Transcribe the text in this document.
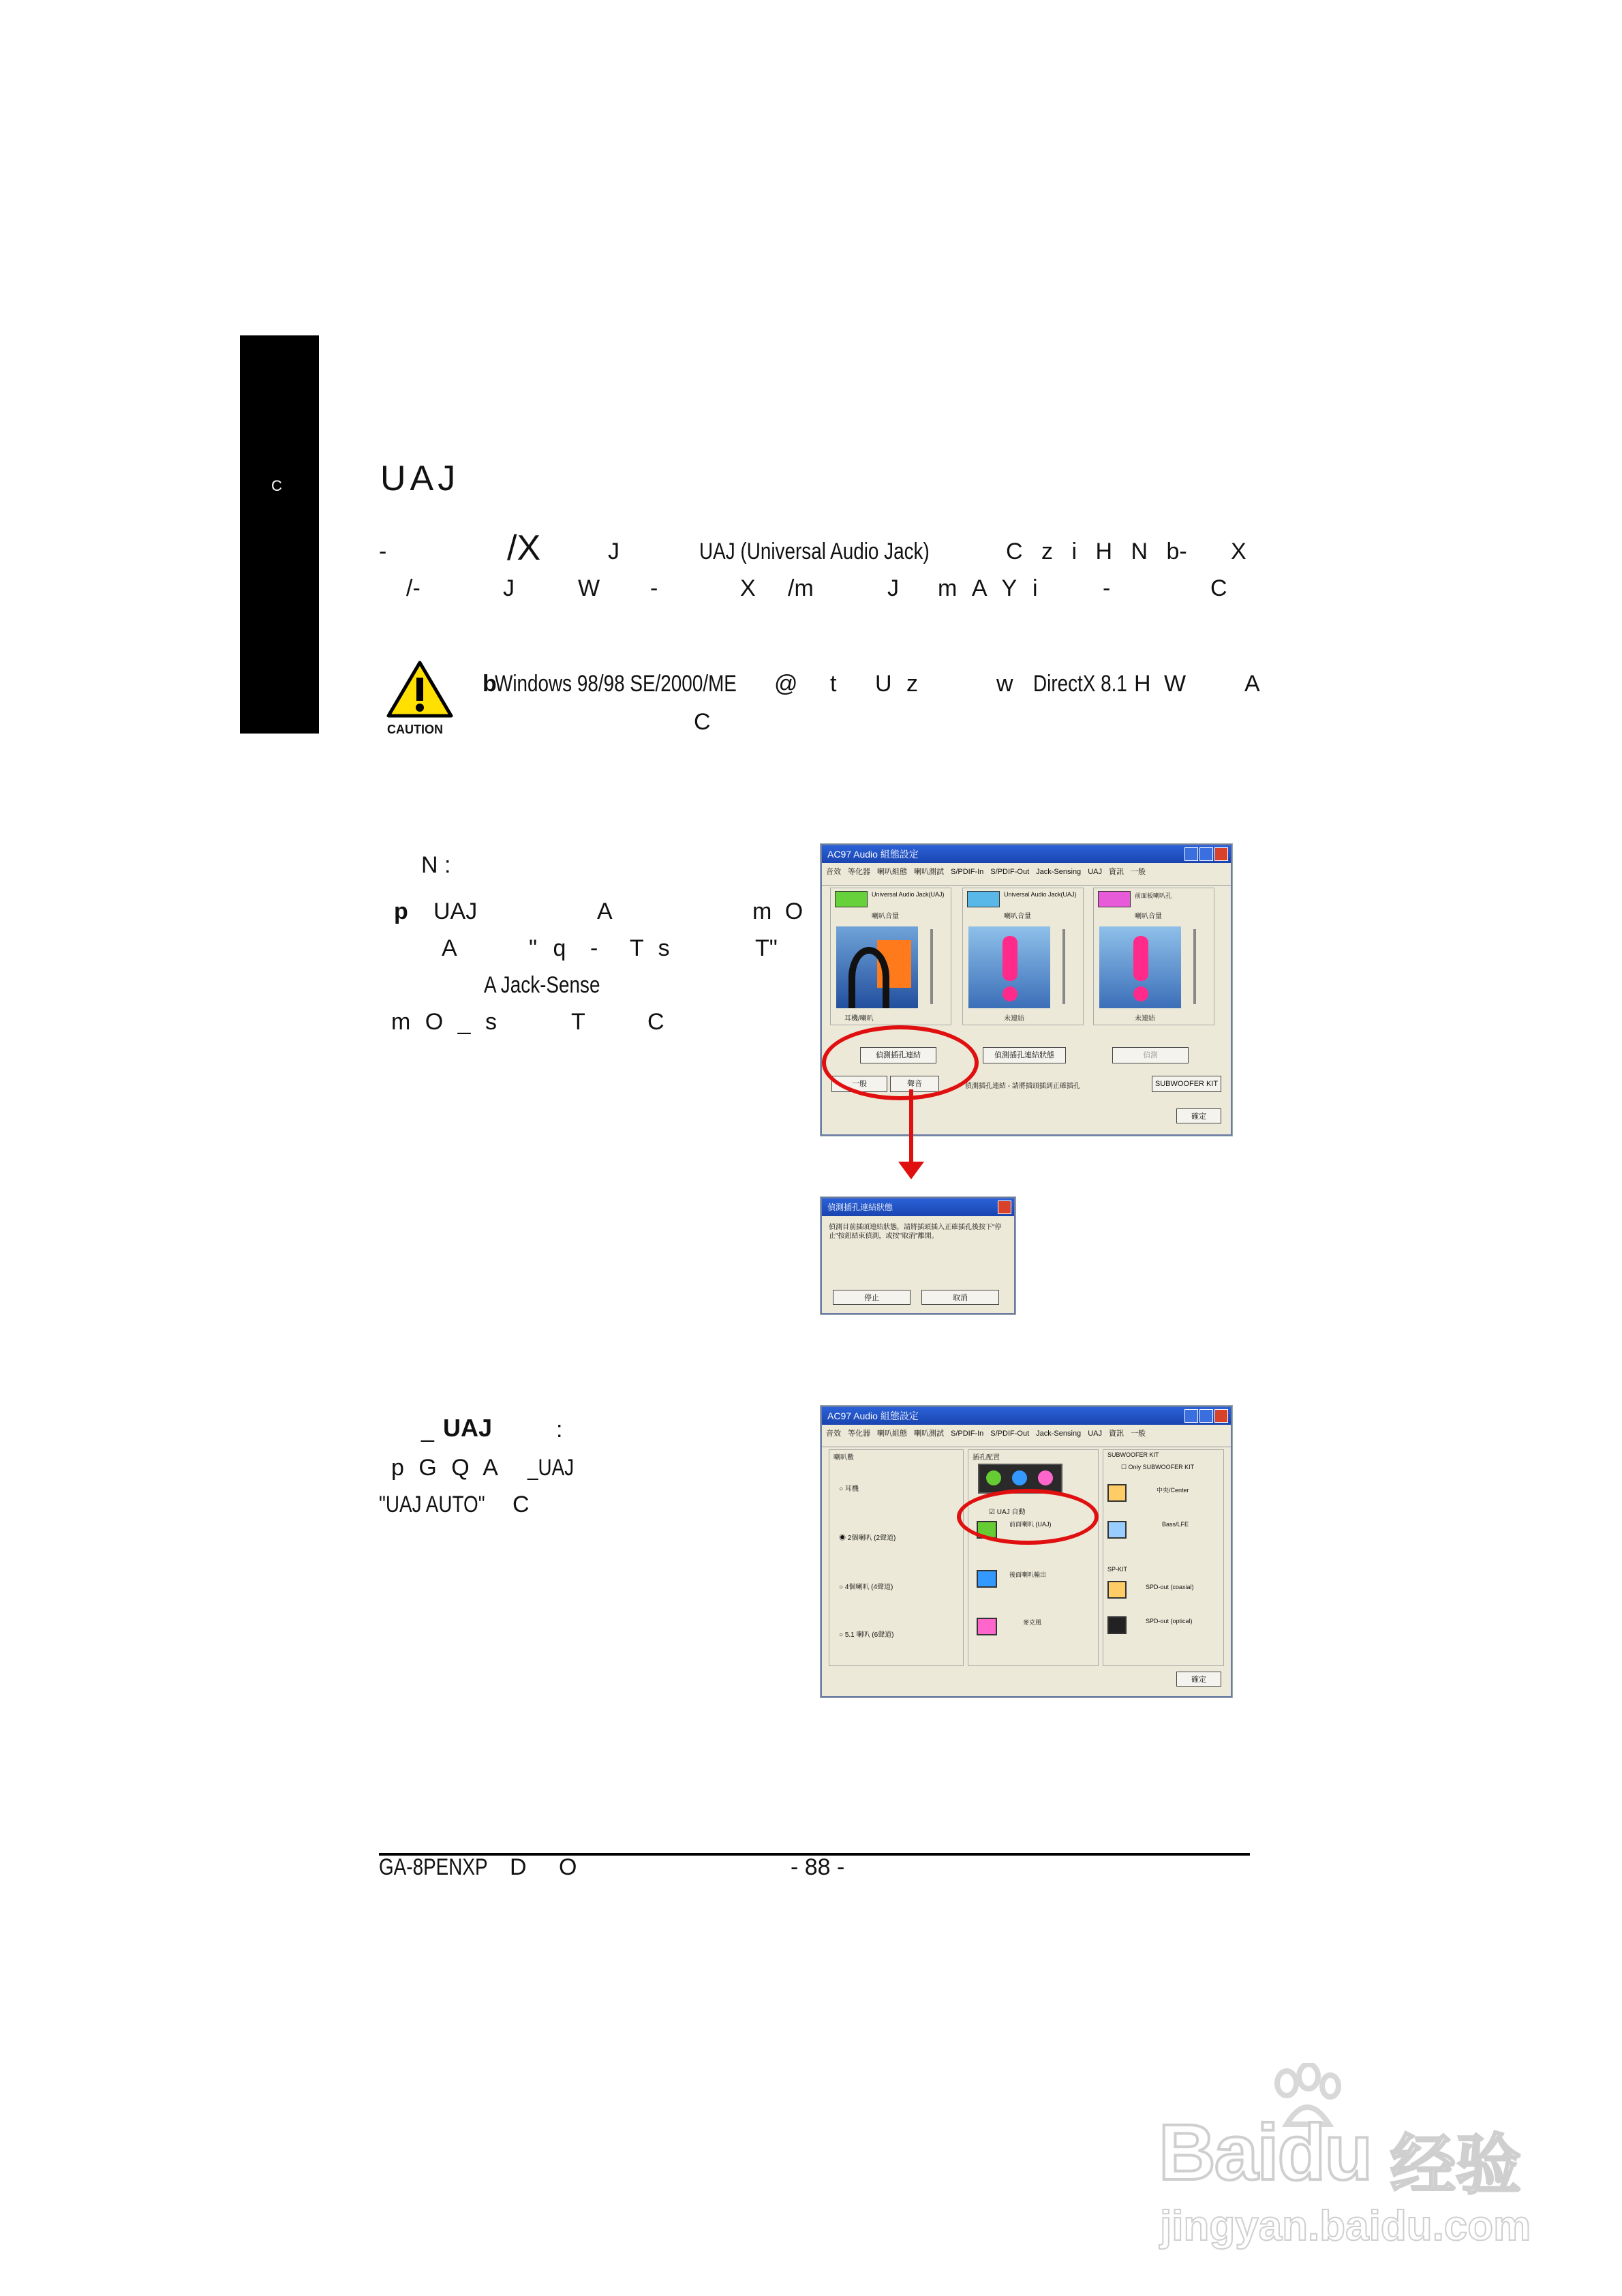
C	UAJ
-	/X	J	UAJ (Universal Audio Jack)	C z i H N b- X
/-	J	W -	X /m	J m A Y i	-	C
CAUTION
b
Windows 98/98 SE/2000/ME @ t U z	w DirectX 8.1 H W	A
C
N :
p UAJ	A	m O
A	" q - T s	T"
A Jack-Sense
m O _ s	T	C
AC97 Audio 組態設定
音效 等化器 喇叭組態 喇叭測試 S/PDIF-In S/PDIF-Out Jack-Sensing UAJ 資訊 一般
Universal Audio Jack(UAJ)
喇叭音量
耳機/喇叭
Universal Audio Jack(UAJ)
喇叭音量
未連結
前面板喇叭孔
喇叭音量
未連結
偵測插孔連結	偵測插孔連結狀態	偵測
一般	聲音	偵測插孔連結 - 請將插頭插到正確插孔	SUBWOOFER KIT
確定
偵測插孔連結狀態
偵測目前插頭連結狀態，請將插頭插入正確插孔後按下"停止"按鈕結束偵測，或按"取消"離開。
停止	取消
_ UAJ	:
p G Q A _UAJ
"UAJ AUTO" C
AC97 Audio 組態設定
音效 等化器 喇叭組態 喇叭測試 S/PDIF-In S/PDIF-Out Jack-Sensing UAJ 資訊 一般
喇叭數
○ 耳機
◉ 2個喇叭 (2聲道)
○ 4個喇叭 (4聲道)
○ 5.1 喇叭 (6聲道)
插孔配置
☑ UAJ 自動
前面喇叭 (UAJ)
後面喇叭輸出
麥克風
SUBWOOFER KIT
☐ Only SUBWOOFER KIT
中央/Center
Bass/LFE
SP-KIT
SPD-out (coaxial)
SPD-out (optical)
確定
GA-8PENXP D O	- 88 -
Baidu 经验
jingyan.baidu.com
